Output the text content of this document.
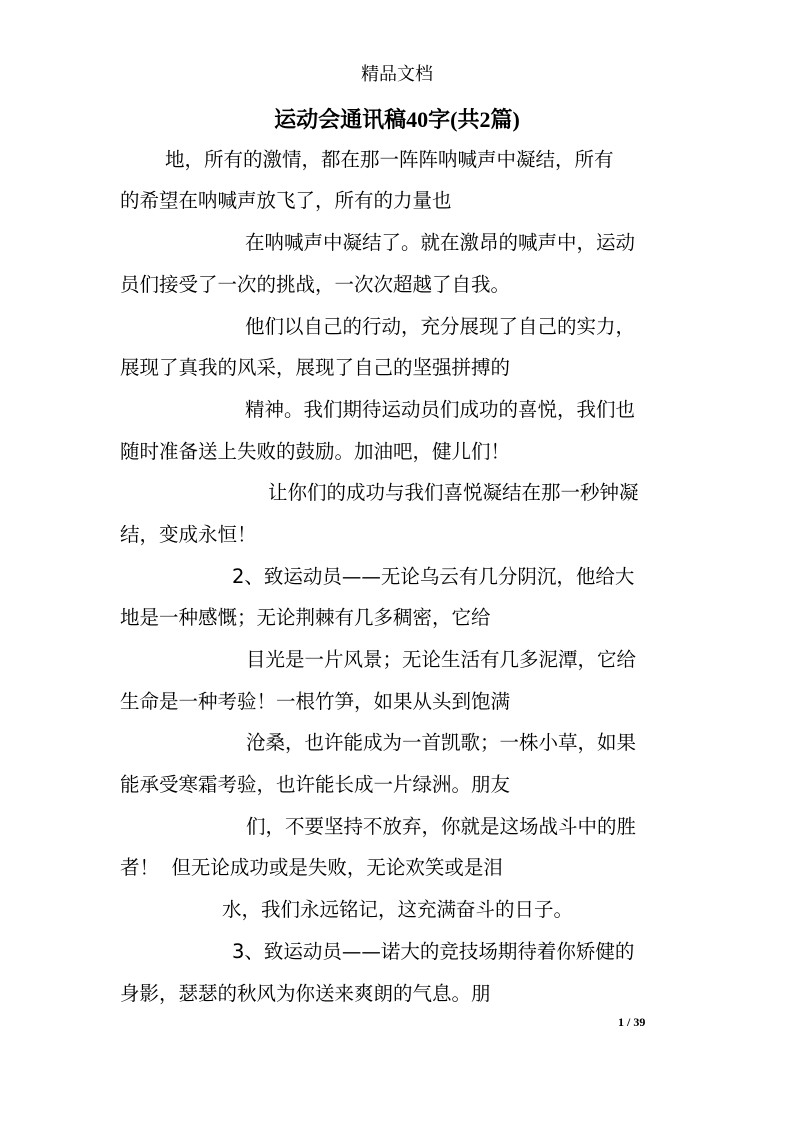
精品文档
运动会通讯稿40字(共2篇)
地，所有的激情，都在那一阵阵呐喊声中凝结，所有
的希望在呐喊声放飞了，所有的力量也
在呐喊声中凝结了。就在激昂的喊声中，运动
员们接受了一次的挑战，一次次超越了自我。
他们以自己的行动，充分展现了自己的实力，
展现了真我的风采，展现了自己的坚强拼搏的
精神。我们期待运动员们成功的喜悦，我们也
随时准备送上失败的鼓励。加油吧，健儿们！
让你们的成功与我们喜悦凝结在那一秒钟凝
结，变成永恒！
2、致运动员——无论乌云有几分阴沉，他给大
地是一种感慨；无论荆棘有几多稠密，它给
目光是一片风景；无论生活有几多泥潭，它给
生命是一种考验！一根竹笋，如果从头到饱满
沧桑，也许能成为一首凯歌；一株小草，如果
能承受寒霜考验，也许能长成一片绿洲。朋友
们，不要坚持不放弃，你就是这场战斗中的胜
者！  但无论成功或是失败，无论欢笑或是泪
水，我们永远铭记，这充满奋斗的日子。
3、致运动员——诺大的竞技场期待着你矫健的
身影，瑟瑟的秋风为你送来爽朗的气息。朋
1 / 39
